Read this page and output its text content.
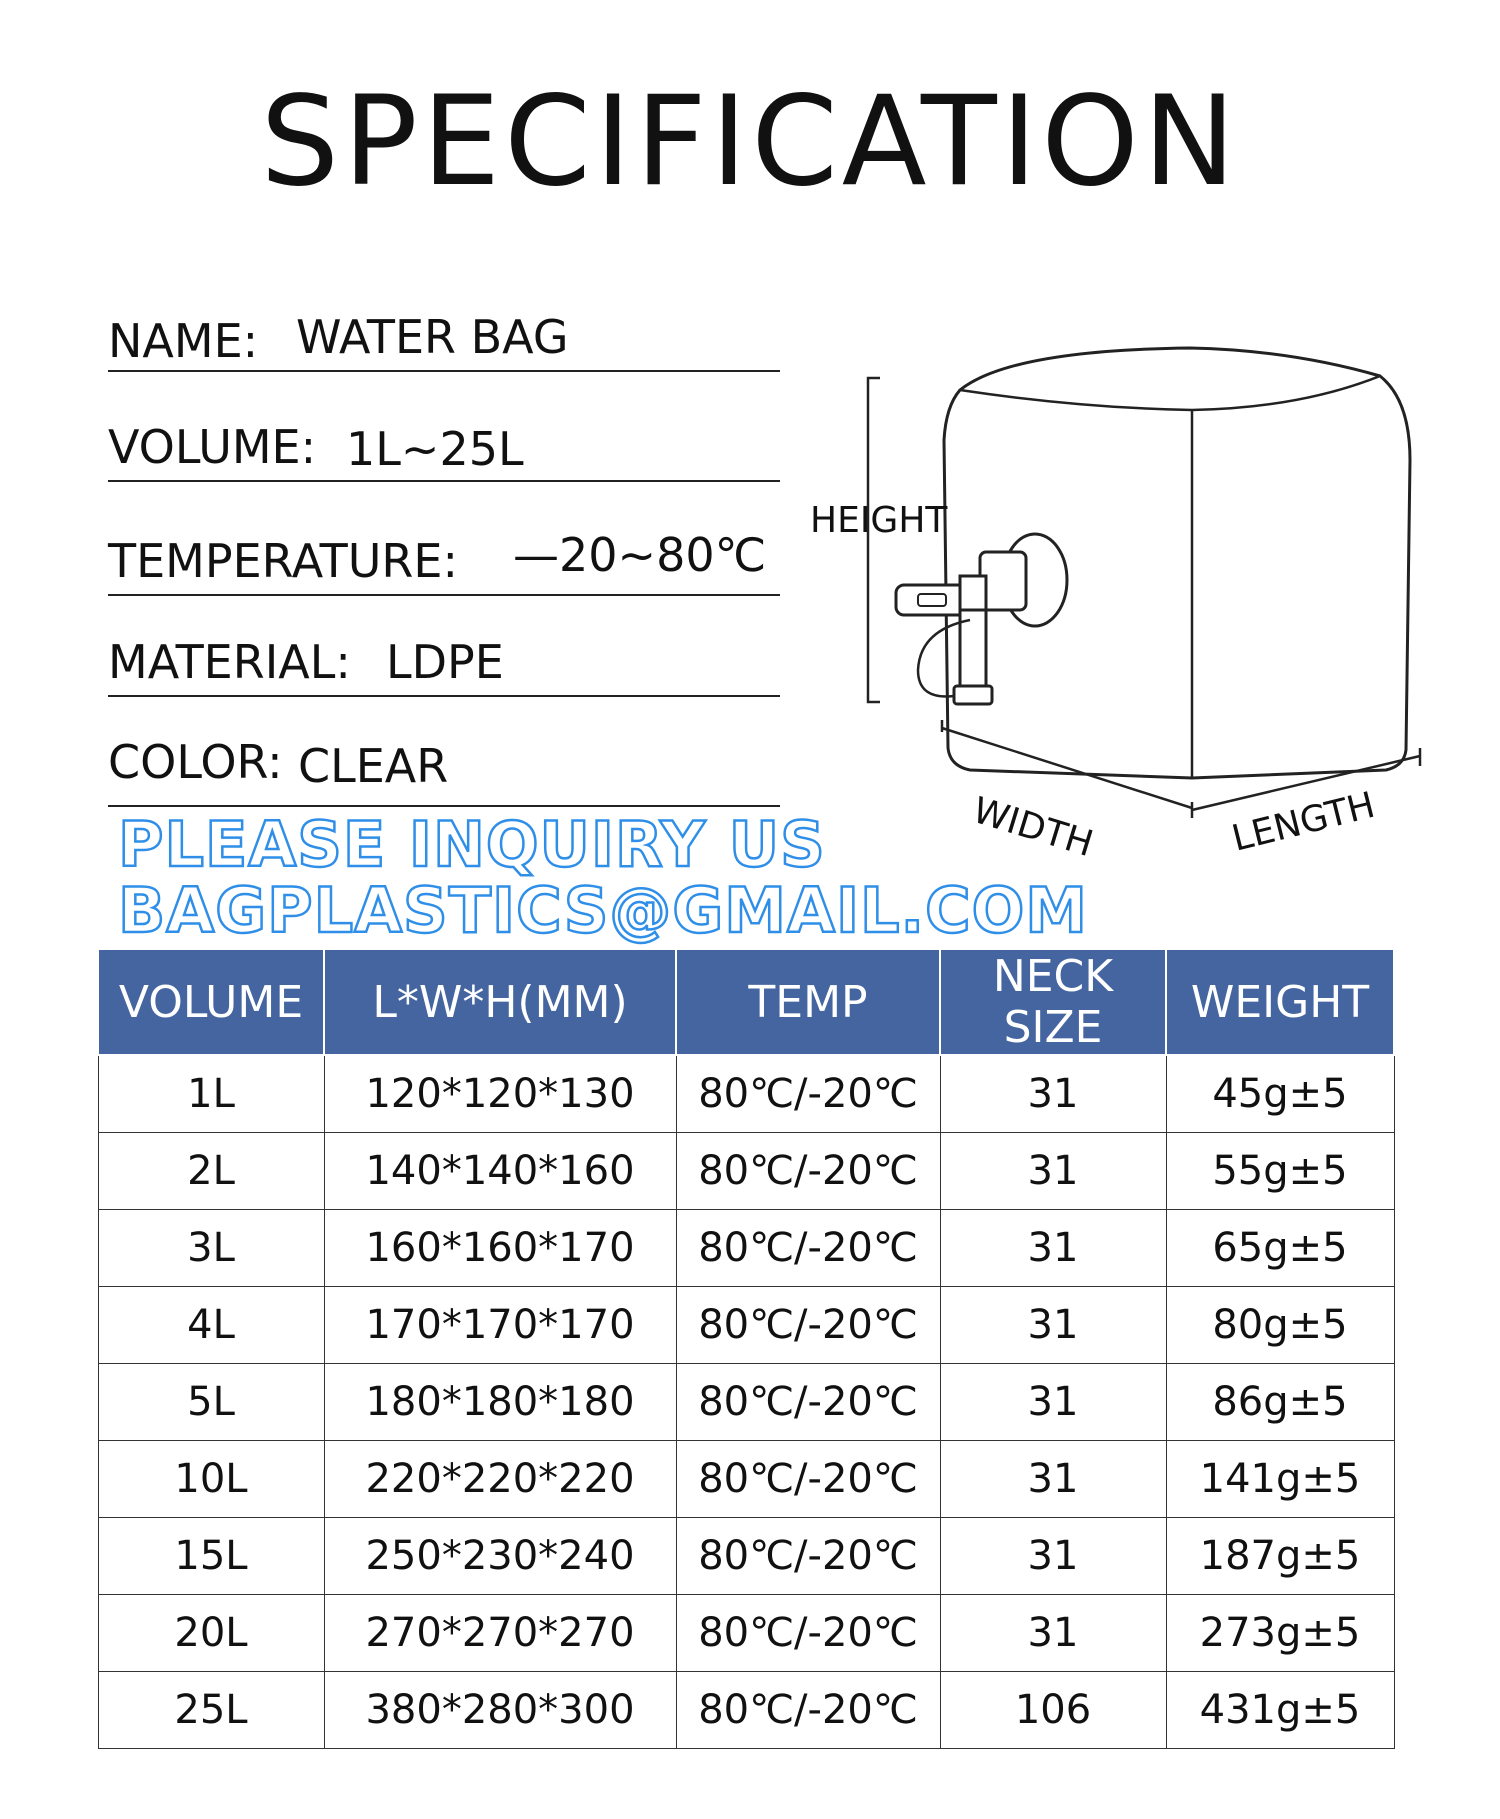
SPECIFICATION
NAME: WATER BAG
VOLUME: 1L~25L
TEMPERATURE: —20~80℃
MATERIAL: LDPE
COLOR: CLEAR
PLEASE INQUIRY US
BAGPLASTICS@GMAIL.COM
HEIGHT
WIDTH	LENGTH
VOLUME	L*W*H(MM)	TEMP	NECK SIZE	WEIGHT
1L	120*120*130	80℃/-20℃	31	45g±5
2L	140*140*160	80℃/-20℃	31	55g±5
3L	160*160*170	80℃/-20℃	31	65g±5
4L	170*170*170	80℃/-20℃	31	80g±5
5L	180*180*180	80℃/-20℃	31	86g±5
10L	220*220*220	80℃/-20℃	31	141g±5
15L	250*230*240	80℃/-20℃	31	187g±5
20L	270*270*270	80℃/-20℃	31	273g±5
25L	380*280*300	80℃/-20℃	106	431g±5
